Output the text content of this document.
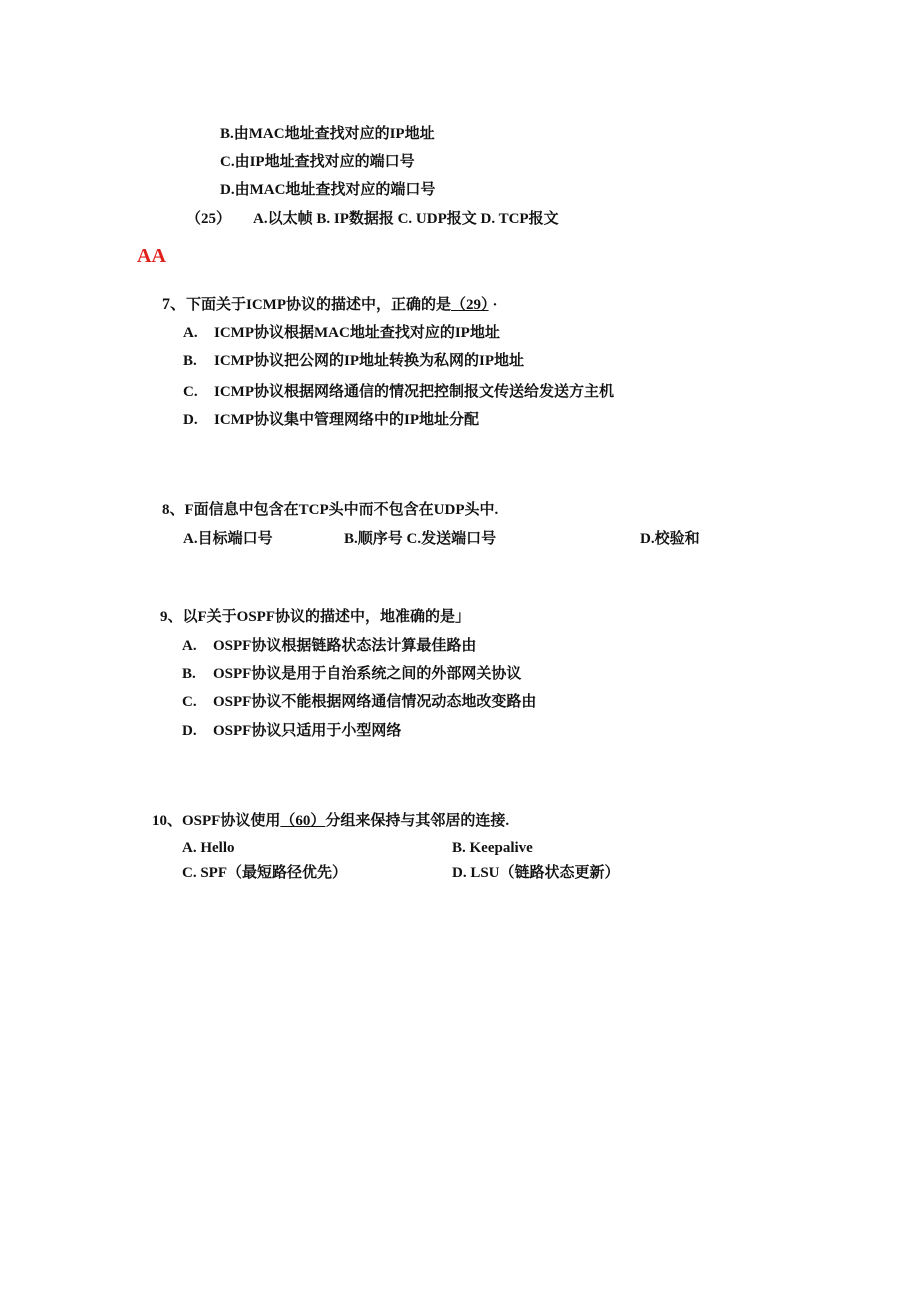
B.由MAC地址查找对应的IP地址
C.由IP地址查找对应的端口号
D.由MAC地址查找对应的端口号
（25） A.以太帧 B. IP数据报 C. UDP报文 D. TCP报文
AA
7、下面关于ICMP协议的描述中，正确的是（29） ·
A. ICMP协议根据MAC地址查找对应的IP地址
B. ICMP协议把公网的IP地址转换为私网的IP地址
C. ICMP协议根据网络通信的情况把控制报文传送给发送方主机
D. ICMP协议集中管理网络中的IP地址分配
8、F面信息中包含在TCP头中而不包含在UDP头中.
A.目标端口号	B.顺序号 C.发送端口号	D.校验和
9、以F关于OSPF协议的描述中，地准确的是」
A. OSPF协议根据链路状态法计算最佳路由
B. OSPF协议是用于自治系统之间的外部网关协议
C. OSPF协议不能根据网络通信情况动态地改变路由
D. OSPF协议只适用于小型网络
10、OSPF协议使用（60）分组来保持与其邻居的连接.
A. Hello	B. Keepalive
C. SPF（最短路径优先）	D. LSU（链路状态更新）
